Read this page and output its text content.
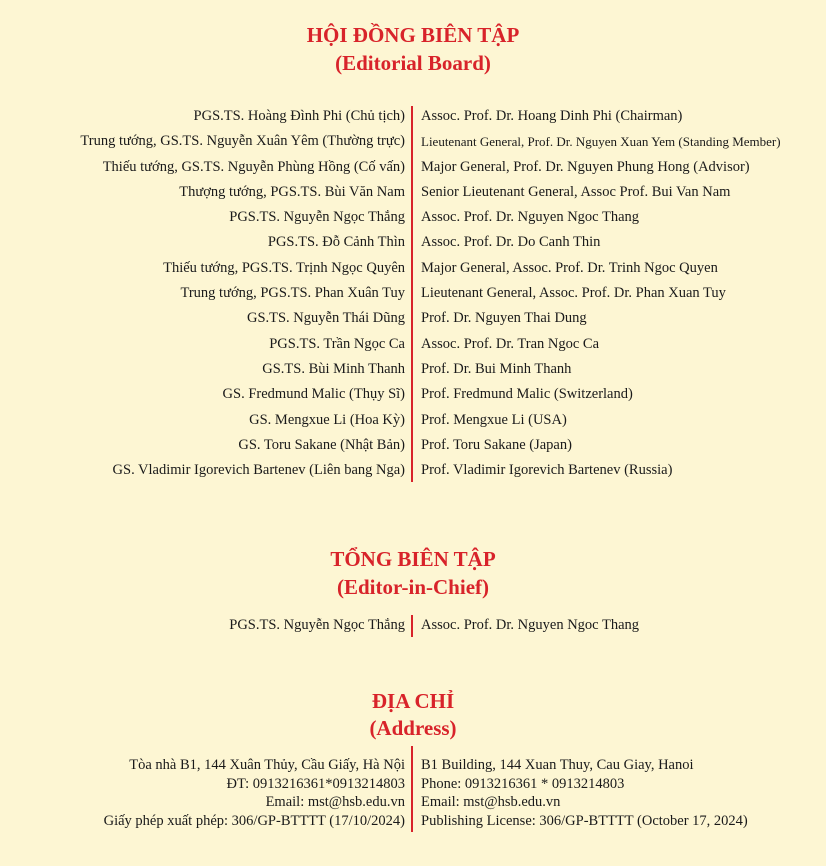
HỘI ĐỒNG BIÊN TẬP
(Editorial Board)
PGS.TS. Hoàng Đình Phi (Chủ tịch) Assoc. Prof. Dr. Hoang Dinh Phi (Chairman)
Trung tướng, GS.TS. Nguyễn Xuân Yêm (Thường trực) Lieutenant General, Prof. Dr. Nguyen Xuan Yem (Standing Member)
Thiếu tướng, GS.TS. Nguyễn Phùng Hồng (Cố vấn) Major General, Prof. Dr. Nguyen Phung Hong (Advisor)
Thượng tướng, PGS.TS. Bùi Văn Nam Senior Lieutenant General, Assoc Prof. Bui Van Nam
PGS.TS. Nguyễn Ngọc Thắng Assoc. Prof. Dr. Nguyen Ngoc Thang
PGS.TS. Đỗ Cảnh Thìn Assoc. Prof. Dr. Do Canh Thin
Thiếu tướng, PGS.TS. Trịnh Ngọc Quyên Major General, Assoc. Prof. Dr. Trinh Ngoc Quyen
Trung tướng, PGS.TS. Phan Xuân Tuy Lieutenant General, Assoc. Prof. Dr. Phan Xuan Tuy
GS.TS. Nguyễn Thái Dũng Prof. Dr. Nguyen Thai Dung
PGS.TS. Trần Ngọc Ca Assoc. Prof. Dr. Tran Ngoc Ca
GS.TS. Bùi Minh Thanh Prof. Dr. Bui Minh Thanh
GS. Fredmund Malic (Thụy Sĩ) Prof. Fredmund Malic (Switzerland)
GS. Mengxue Li (Hoa Kỳ) Prof. Mengxue Li (USA)
GS. Toru Sakane (Nhật Bản) Prof. Toru Sakane (Japan)
GS. Vladimir Igorevich Bartenev (Liên bang Nga) Prof. Vladimir Igorevich Bartenev (Russia)
TỔNG BIÊN TẬP
(Editor-in-Chief)
PGS.TS. Nguyễn Ngọc Thắng Assoc. Prof. Dr. Nguyen Ngoc Thang
ĐỊA CHỈ
(Address)
Tòa nhà B1, 144 Xuân Thủy, Cầu Giấy, Hà Nội B1 Building, 144 Xuan Thuy, Cau Giay, Hanoi
ĐT: 0913216361*0913214803 Phone: 0913216361 * 0913214803
Email: mst@hsb.edu.vn Email: mst@hsb.edu.vn
Giấy phép xuất phép: 306/GP-BTTTT (17/10/2024) Publishing License: 306/GP-BTTTT (October 17, 2024)
